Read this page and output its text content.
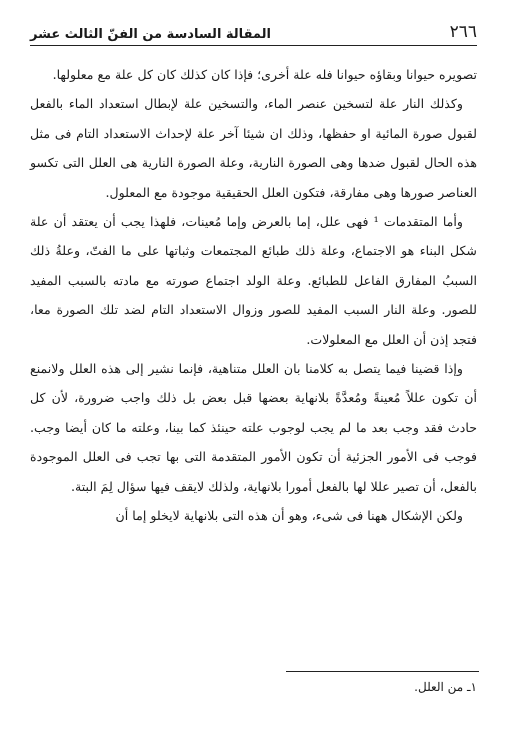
٢٦٦
المقالة السادسة من الفنّ الثالث عشر

تصويره حيوانا وبقاؤه حيوانا فله علة أخرى؛ فإذا كان كذلك كان كل علة مع معلولها.

وكذلك النار علة لتسخين عنصر الماء، والتسخين علة لإبطال استعداد الماء بالفعل لقبول صورة المائية او حفظها، وذلك ان شيئا آخر علة لإحداث الاستعداد التام فى مثل هذه الحال لقبول ضدها وهى الصورة النارية، وعلة الصورة النارية هى العلل التى تكسو العناصر صورها وهى مفارقة، فتكون العلل الحقيقية موجودة مع المعلول.

وأما المتقدمات ¹ فهى علل، إما بالعرض وإما مُعينات، فلهذا يجب أن يعتقد أن علة شكل البناء هو الاجتماع، وعلة ذلك طبائع المجتمعات وثباتها على ما الفتّ، وعلةُ ذلك السببُ المفارق الفاعل للطبائع. وعلة الولد اجتماع صورته مع مادته بالسبب المفيد للصور. وعلة النار السبب المفيد للصور وزوال الاستعداد التام لضد تلك الصورة معا، فتجد إذن أن العلل مع المعلولات.

وإذا قضينا فيما يتصل به كلامنا بان العلل متناهية، فإنما نشير إلى هذه العلل ولانمنع أن تكون عللاً مُعينةً ومُعدَّةً بلانهاية بعضها قبل بعض بل ذلك واجب ضرورة، لأن كل حادث فقد وجب بعد ما لم يجب لوجوب علته حينئذ كما بينا، وعلته ما كان أيضا وجب. فوجب فى الأمور الجزئية أن تكون الأمور المتقدمة التى بها تجب فى العلل الموجودة بالفعل، أن تصير عللا لها بالفعل أمورا بلانهاية، ولذلك لايقف فيها سؤال لِمَ البتة.

ولكن الإشكال ههنا فى شىء، وهو أن هذه التى بلانهاية لايخلو إما أن

١ـ من العلل.
